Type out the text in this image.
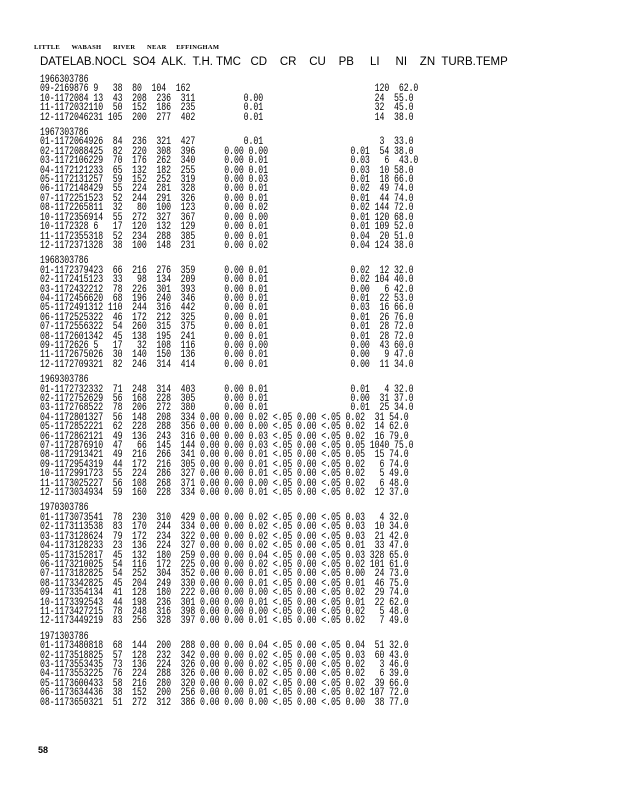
LITTLE      WABASH      RIVER      NEAR     EFFINGHAM
DATELAB.NOCL  SO4  ALK.  T.H. TMC   CD    CR    CU    PB     LI     NI    ZN  TURB.TEMP
1966303786
09-2169876 9   38  80  104  162                                      120  62.0
10-1172084 13  43  208  236  311          0.00                       24  55.0
11-1172032110  50  152  186  235          0.01                       32  45.0
12-1172046231 105  200  277  402          0.01                       14  38.0
1967303786
01-1172064926  84  236  321  427          0.01                        3  33.0
02-1172088425  82  220  308  396      0.00 0.00                 0.01  54 38.0
03-1172106229  70  176  262  340      0.00 0.01                 0.03   6  43.0
04-1172121233  65  132  182  255      0.00 0.01                 0.03  10 58.0
05-1172131257  59  152  252  319      0.00 0.03                 0.01  18 66.0
06-1172148429  55  224  281  328      0.00 0.01                 0.02  49 74.0
07-1172251523  52  244  291  326      0.00 0.01                 0.01  44 74.0
08-1172265811  32   80  100  123      0.00 0.02                 0.02 144 72.0
10-1172356914  55  272  327  367      0.00 0.00                 0.01 120 68.0
10-1172328 6   17  120  132  129      0.00 0.01                 0.01 109 52.0
11-1172355318  52  234  288  385      0.00 0.01                 0.04  20 51.0
12-1172371328  38  100  148  231      0.00 0.02                 0.04 124 38.0
1968303786
01-1172379423  66  216  276  359      0.00 0.01                 0.02  12 32.0
02-1172415123  33   98  134  209      0.00 0.01                 0.02 104 40.0
03-1172432212  78  226  301  393      0.00 0.01                 0.00   6 42.0
04-1172456620  68  196  240  346      0.00 0.01                 0.01  22 53.0
05-1172491312 110  244  316  442      0.00 0.01                 0.03  16 66.0
06-1172525322  46  172  212  325      0.00 0.01                 0.01  26 76.0
07-1172556322  54  260  315  375      0.00 0.01                 0.01  28 72.0
08-1172601342  45  138  195  241      0.00 0.01                 0.01  28 72.0
09-1172626 5   17   32  108  116      0.00 0.00                 0.00  43 60.0
11-1172675026  30  140  150  136      0.00 0.01                 0.00   9 47.0
12-1172709321  82  246  314  414      0.00 0.01                 0.00  11 34.0
1969303786
01-1172732332  71  248  314  403      0.00 0.01                 0.01   4 32.0
02-1172752629  56  168  228  305      0.00 0.01                 0.00  31 37.0
03-1172768522  78  206  272  380      0.00 0.01                 0.01  25 34.0
04-1172801327  56  148  208  334 0.00 0.00 0.02 <.05 0.00 <.05 0.02  31 54.0
05-1172852221  62  228  288  356 0.00 0.00 0.00 <.05 0.00 <.05 0.02  14 62.0
06-1172862121  49  136  243  316 0.00 0.00 0.03 <.05 0.00 <.05 0.02  16 79.0
07-1172876910  47   66  145  144 0.00 0.00 0.03 <.05 0.00 <.05 0.05 1040 75.0
08-1172913421  49  216  266  341 0.00 0.00 0.01 <.05 0.00 <.05 0.05  15 74.0
09-1172954319  44  172  216  305 0.00 0.00 0.01 <.05 0.00 <.05 0.02   6 74.0
10-1172991723  55  224  286  327 0.00 0.00 0.01 <.05 0.00 <.05 0.02   5 49.0
11-1173025227  56  108  268  371 0.00 0.00 0.00 <.05 0.00 <.05 0.02   6 48.0
12-1173034934  59  160  228  334 0.00 0.00 0.01 <.05 0.00 <.05 0.02  12 37.0
1970303786
01-1173073541  78  230  310  429 0.00 0.00 0.02 <.05 0.00 <.05 0.03   4 32.0
02-1173113538  83  170  244  334 0.00 0.00 0.02 <.05 0.00 <.05 0.03  10 34.0
03-1173128624  79  172  234  322 0.00 0.00 0.02 <.05 0.00 <.05 0.03  21 42.0
04-1173128233  23  136  224  327 0.00 0.00 0.02 <.05 0.00 <.05 0.01  33 47.0
05-1173152817  45  132  180  259 0.00 0.00 0.04 <.05 0.00 <.05 0.03 328 65.0
06-1173210025  54  116  172  225 0.00 0.00 0.02 <.05 0.00 <.05 0.02 101 61.0
07-1173182825  54  252  304  352 0.00 0.00 0.01 <.05 0.00 <.05 0.00  24 73.0
08-1173342825  45  204  249  330 0.00 0.00 0.01 <.05 0.00 <.05 0.01  46 75.0
09-1173354134  41  128  180  222 0.00 0.00 0.00 <.05 0.00 <.05 0.02  29 74.0
10-1173392543  44  198  236  301 0.00 0.00 0.01 <.05 0.00 <.05 0.01  22 62.0
11-1173427215  78  248  316  398 0.00 0.00 0.00 <.05 0.00 <.05 0.02   5 48.0
12-1173449219  83  256  328  397 0.00 0.00 0.01 <.05 0.00 <.05 0.02   7 49.0
1971303786
01-1173480818  68  144  200  288 0.00 0.00 0.04 <.05 0.00 <.05 0.04  51 32.0
02-1173518825  57  128  232  342 0.00 0.00 0.02 <.05 0.00 <.05 0.03  60 43.0
03-1173553435  73  136  224  326 0.00 0.00 0.02 <.05 0.00 <.05 0.02   3 46.0
04-1173553225  76  224  288  326 0.00 0.00 0.02 <.05 0.00 <.05 0.02   6 39.0
05-1173600433  58  216  280  320 0.00 0.00 0.02 <.05 0.00 <.05 0.02  39 66.0
06-1173634436  38  152  200  256 0.00 0.00 0.01 <.05 0.00 <.05 0.02 107 72.0
08-1173650321  51  272  312  386 0.00 0.00 0.00 <.05 0.00 <.05 0.00  38 77.0
58
